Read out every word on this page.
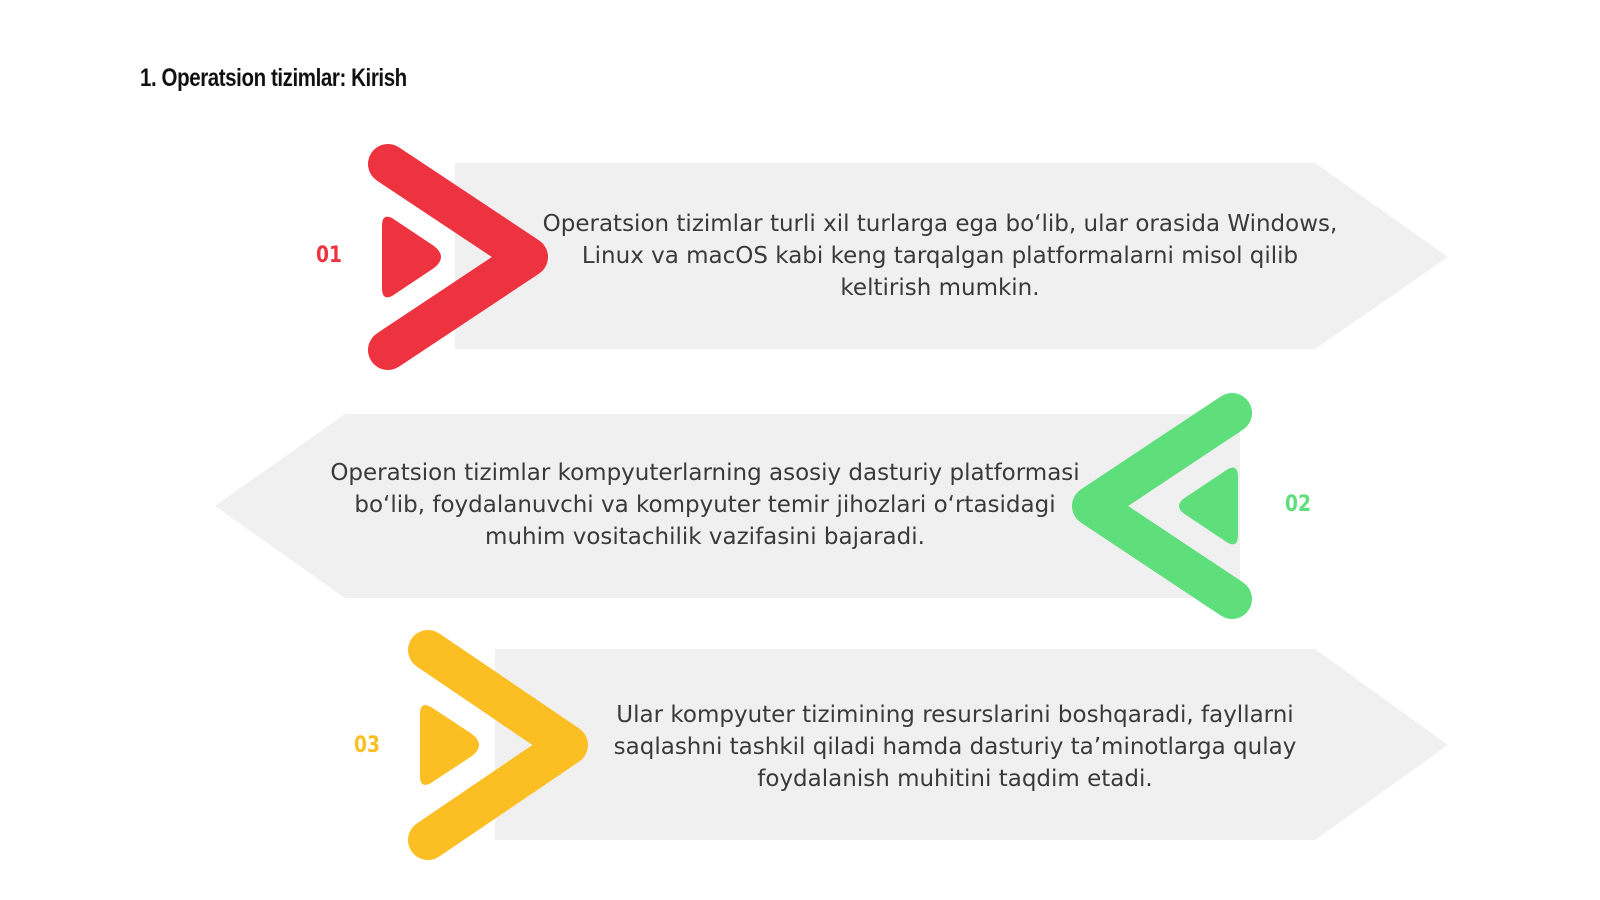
1. Operatsion tizimlar: Kirish
01
02
03
Operatsion tizimlar turli xil turlarga ega bo‘lib, ular orasida Windows,
Linux va macOS kabi keng tarqalgan platformalarni misol qilib
keltirish mumkin.
Operatsion tizimlar kompyuterlarning asosiy dasturiy platformasi
bo‘lib, foydalanuvchi va kompyuter temir jihozlari o‘rtasidagi
muhim vositachilik vazifasini bajaradi.
Ular kompyuter tizimining resurslarini boshqaradi, fayllarni
saqlashni tashkil qiladi hamda dasturiy ta’minotlarga qulay
foydalanish muhitini taqdim etadi.
